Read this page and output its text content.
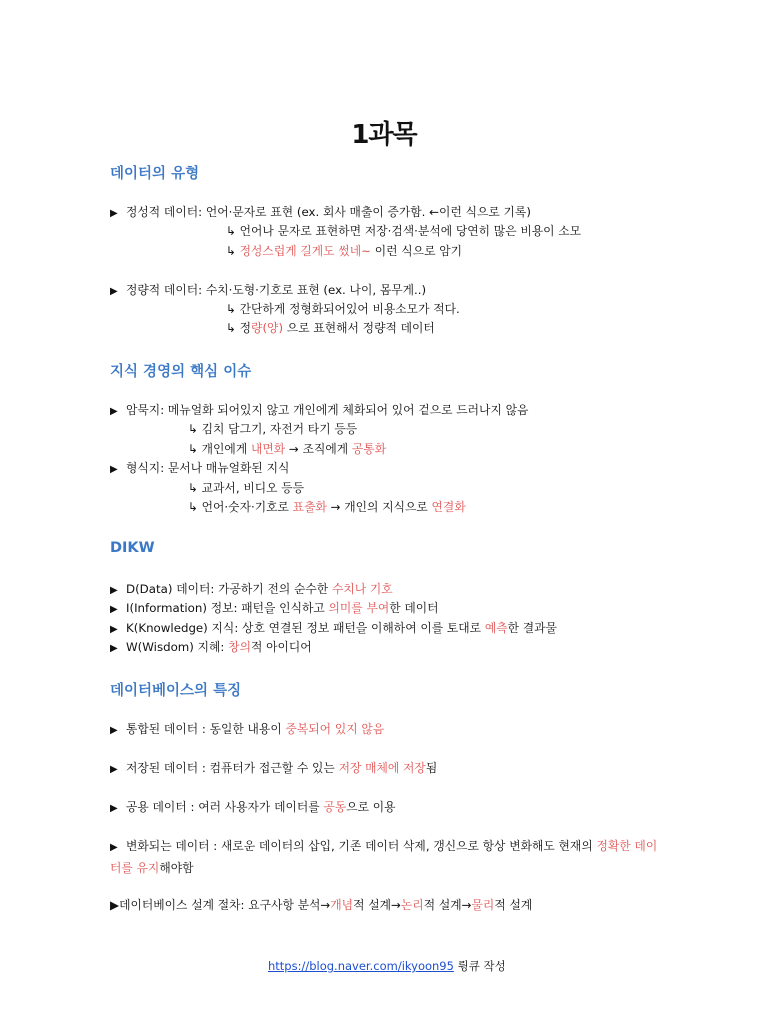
1과목
데이터의 유형
▶ 정성적 데이터: 언어·문자로 표현 (ex. 회사 매출이 증가함. ←이런 식으로 기록)
↳ 언어나 문자로 표현하면 저장·검색·분석에 당연히 많은 비용이 소모
↳ 정성스럽게 길게도 썼네~ 이런 식으로 암기
▶ 정량적 데이터: 수치·도형·기호로 표현 (ex. 나이, 몸무게..)
↳ 간단하게 정형화되어있어 비용소모가 적다.
↳ 정량(양) 으로 표현해서 정량적 데이터
지식 경영의 핵심 이슈
▶ 암묵지: 메뉴얼화 되어있지 않고 개인에게 체화되어 있어 겉으로 드러나지 않음
↳ 김치 담그기, 자전거 타기 등등
↳ 개인에게 내면화 → 조직에게 공통화
▶ 형식지: 문서나 매뉴얼화된 지식
↳ 교과서, 비디오 등등
↳ 언어·숫자·기호로 표출화 → 개인의 지식으로 연결화
DIKW
▶ D(Data) 데이터: 가공하기 전의 순수한 수치나 기호
▶ I(Information) 정보: 패턴을 인식하고 의미를 부여한 데이터
▶ K(Knowledge) 지식: 상호 연결된 정보 패턴을 이해하여 이를 토대로 예측한 결과물
▶ W(Wisdom) 지혜: 창의적 아이디어
데이터베이스의 특징
▶ 통합된 데이터 : 동일한 내용이 중복되어 있지 않음
▶ 저장된 데이터 : 컴퓨터가 접근할 수 있는 저장 매체에 저장됨
▶ 공용 데이터 : 여러 사용자가 데이터를 공동으로 이용
▶ 변화되는 데이터 : 새로운 데이터의 삽입, 기존 데이터 삭제, 갱신으로 항상 변화해도 현재의 정확한 데이터를 유지해야함
▶데이터베이스 설계 절차: 요구사항 분석→개념적 설계→논리적 설계→물리적 설계
https://blog.naver.com/ikyoon95 륑큐 작성
